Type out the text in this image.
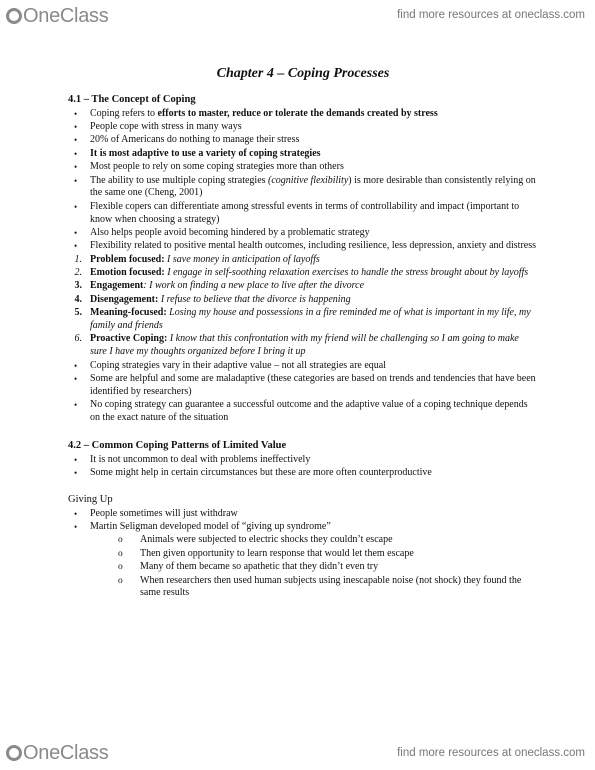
OneClass	find more resources at oneclass.com
Chapter 4 – Coping Processes
4.1 – The Concept of Coping
•	Coping refers to efforts to master, reduce or tolerate the demands created by stress
•	People cope with stress in many ways
•	20% of Americans do nothing to manage their stress
•	It is most adaptive to use a variety of coping strategies
•	Most people to rely on some coping strategies more than others
•	The ability to use multiple coping strategies (cognitive flexibility) is more desirable than consistently relying on the same one (Cheng, 2001)
•	Flexible copers can differentiate among stressful events in terms of controllability and impact (important to know when choosing a strategy)
•	Also helps people avoid becoming hindered by a problematic strategy
•	Flexibility related to positive mental health outcomes, including resilience, less depression, anxiety and distress
1. Problem focused: I save money in anticipation of layoffs
2. Emotion focused: I engage in self-soothing relaxation exercises to handle the stress brought about by layoffs
3. Engagement: I work on finding a new place to live after the divorce
4. Disengagement: I refuse to believe that the divorce is happening
5. Meaning-focused: Losing my house and possessions in a fire reminded me of what is important in my life, my family and friends
6. Proactive Coping: I know that this confrontation with my friend will be challenging so I am going to make sure I have my thoughts organized before I bring it up
•	Coping strategies vary in their adaptive value – not all strategies are equal
•	Some are helpful and some are maladaptive (these categories are based on trends and tendencies that have been identified by researchers)
•	No coping strategy can guarantee a successful outcome and the adaptive value of a coping technique depends on the exact nature of the situation
4.2 – Common Coping Patterns of Limited Value
•	It is not uncommon to deal with problems ineffectively
•	Some might help in certain circumstances but these are more often counterproductive
Giving Up
•	People sometimes will just withdraw
•	Martin Seligman developed model of “giving up syndrome”
o	Animals were subjected to electric shocks they couldn’t escape
o	Then given opportunity to learn response that would let them escape
o	Many of them became so apathetic that they didn’t even try
o	When researchers then used human subjects using inescapable noise (not shock) they found the same results
OneClass	find more resources at oneclass.com
